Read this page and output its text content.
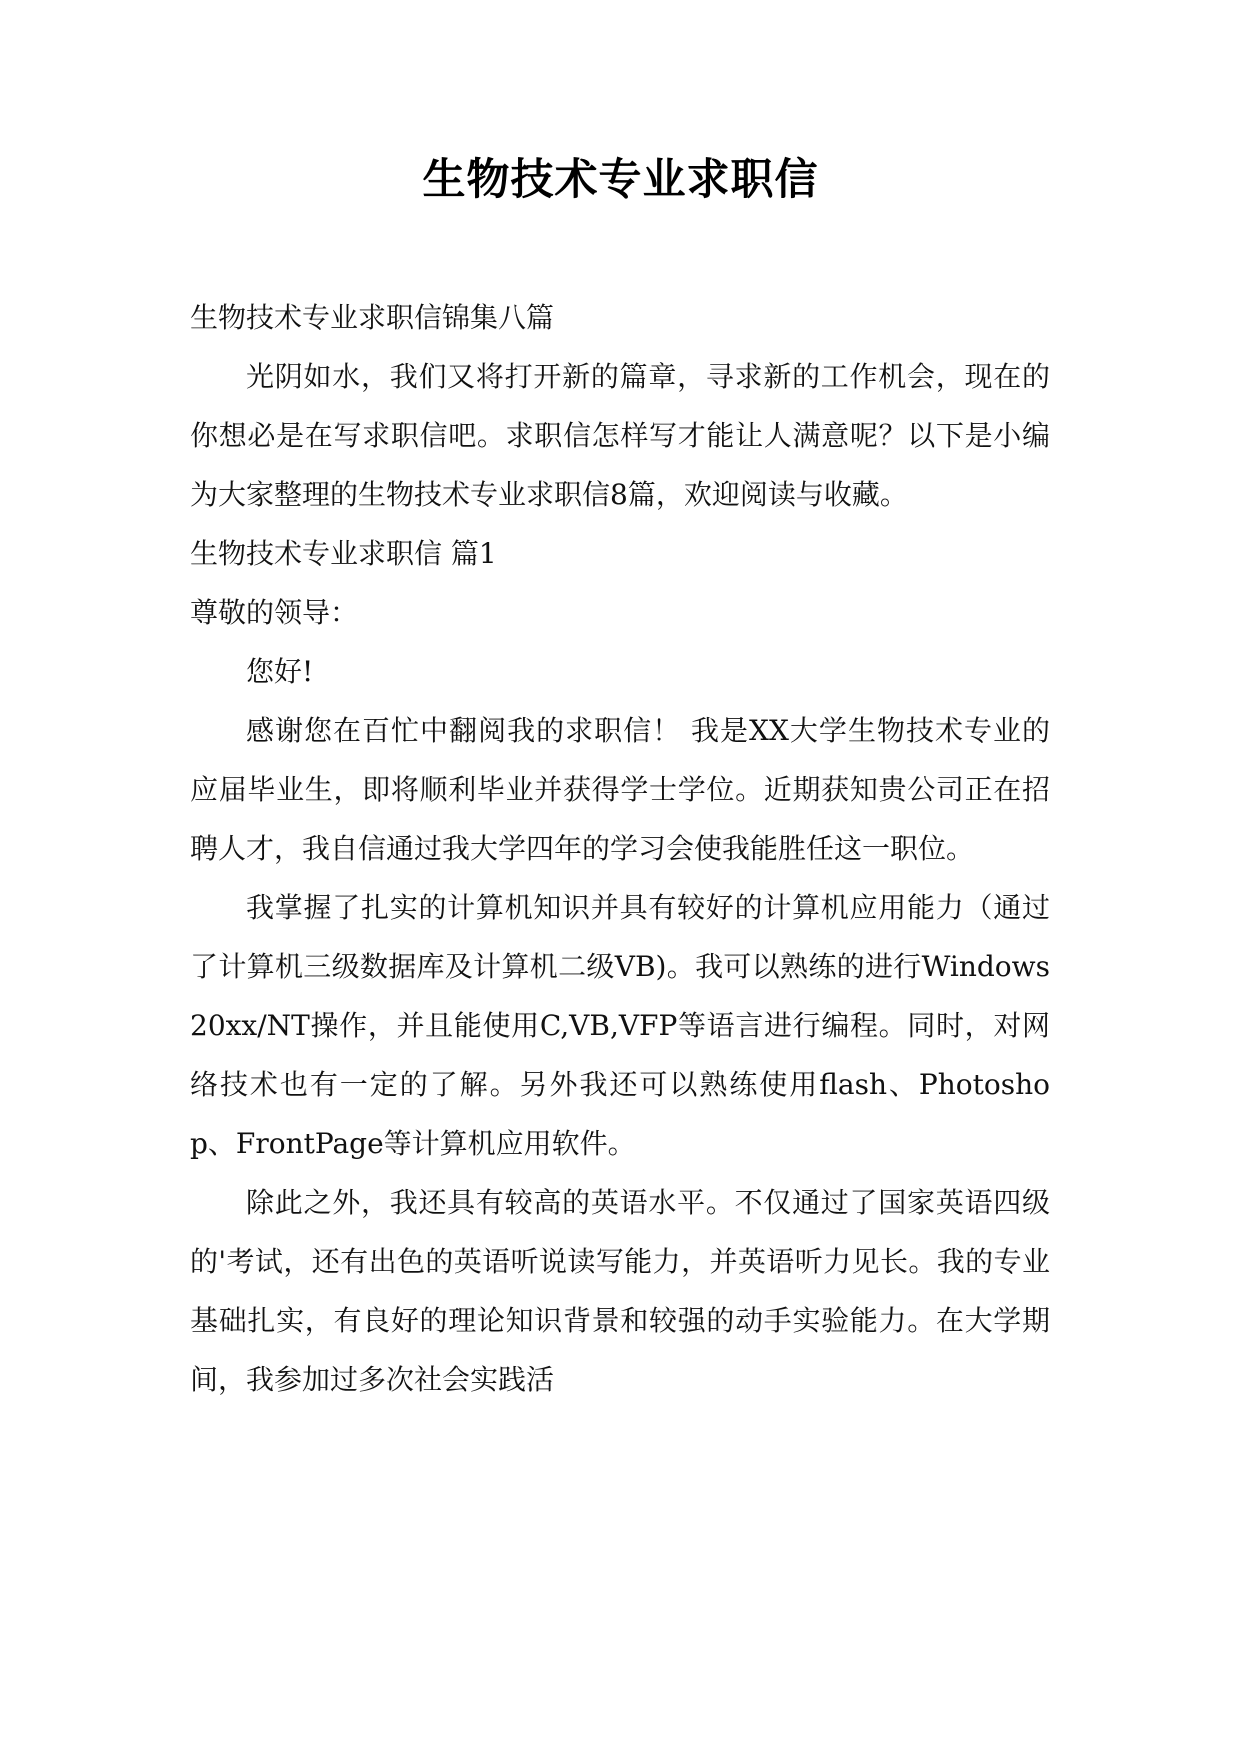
生物技术专业求职信

生物技术专业求职信锦集八篇

光阴如水，我们又将打开新的篇章，寻求新的工作机会，现在的你想必是在写求职信吧。求职信怎样写才能让人满意呢？以下是小编为大家整理的生物技术专业求职信8篇，欢迎阅读与收藏。

生物技术专业求职信 篇1

尊敬的领导：

您好!

感谢您在百忙中翻阅我的求职信！ 我是XX大学生物技术专业的应届毕业生，即将顺利毕业并获得学士学位。近期获知贵公司正在招聘人才，我自信通过我大学四年的学习会使我能胜任这一职位。

我掌握了扎实的计算机知识并具有较好的计算机应用能力（通过了计算机三级数据库及计算机二级VB)。我可以熟练的进行Windows 20xx/NT操作，并且能使用C,VB,VFP等语言进行编程。同时，对网络技术也有一定的了解。另外我还可以熟练使用flash、Photoshop、FrontPage等计算机应用软件。

除此之外，我还具有较高的英语水平。不仅通过了国家英语四级的'考试，还有出色的英语听说读写能力，并英语听力见长。我的专业基础扎实，有良好的理论知识背景和较强的动手实验能力。在大学期间，我参加过多次社会实践活
